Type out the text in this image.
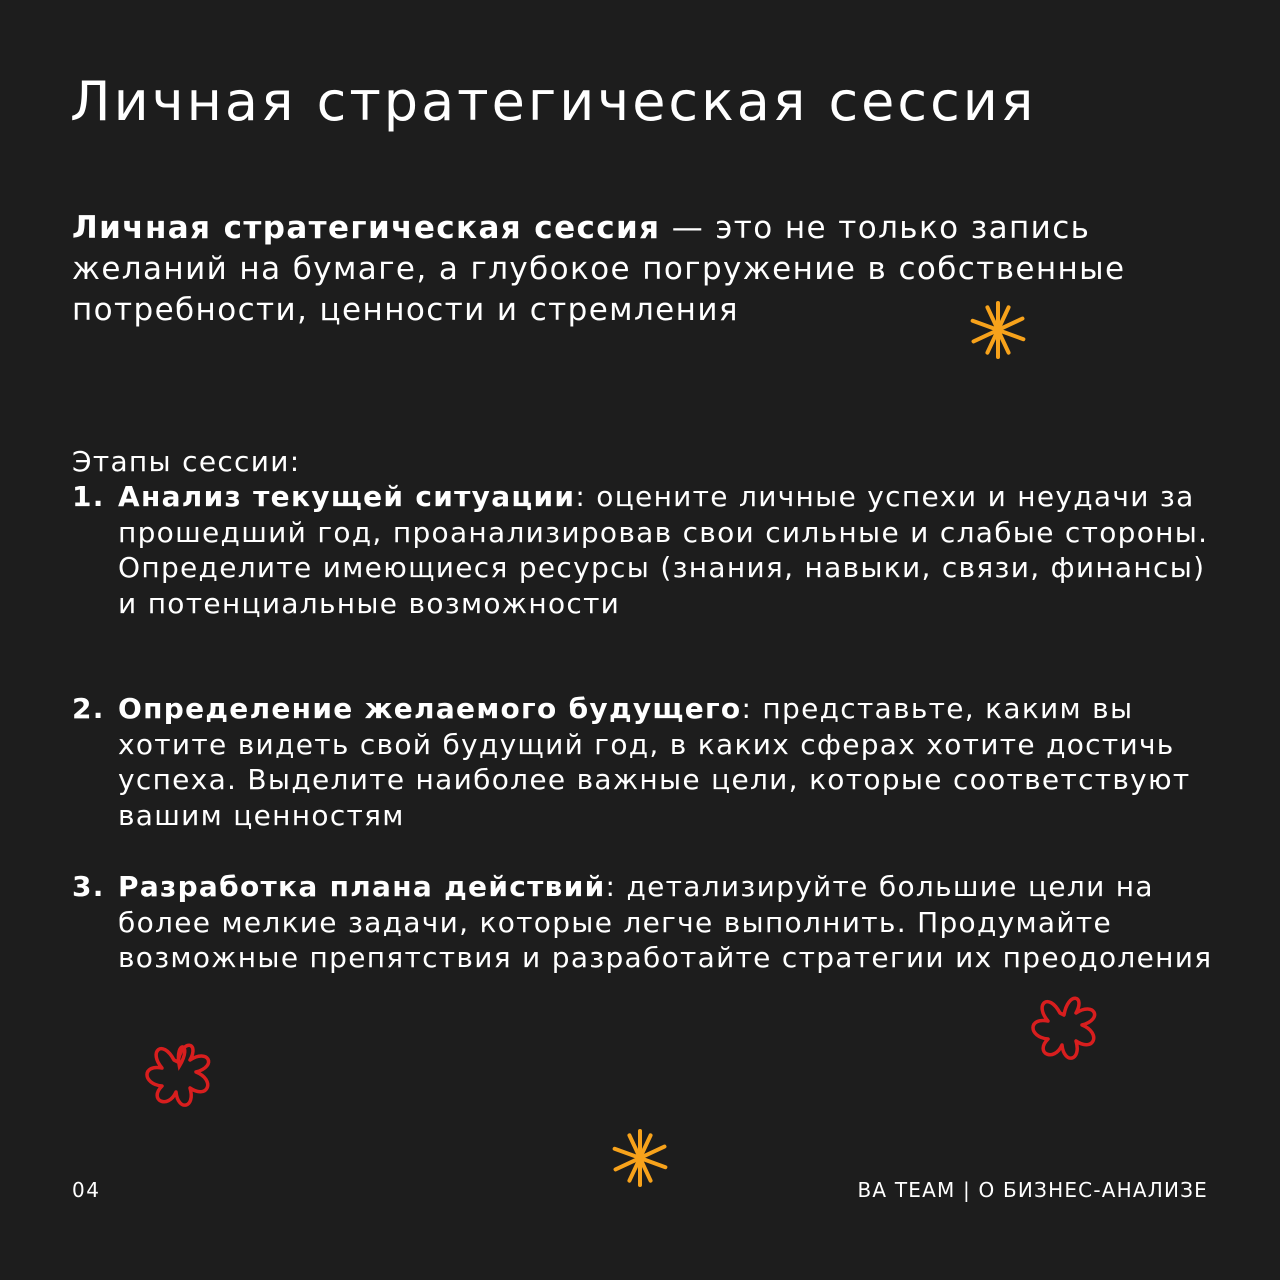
Личная стратегическая сессия

Личная стратегическая сессия — это не только запись желаний на бумаге, а глубокое погружение в собственные потребности, ценности и стремления

Этапы сессии:

1. Анализ текущей ситуации: оцените личные успехи и неудачи за прошедший год, проанализировав свои сильные и слабые стороны. Определите имеющиеся ресурсы (знания, навыки, связи, финансы) и потенциальные возможности
2. Определение желаемого будущего: представьте, каким вы хотите видеть свой будущий год, в каких сферах хотите достичь успеха. Выделите наиболее важные цели, которые соответствуют вашим ценностям
3. Разработка плана действий: детализируйте большие цели на более мелкие задачи, которые легче выполнить. Продумайте возможные препятствия и разработайте стратегии их преодоления
04	BA TEAM | О БИЗНЕС-АНАЛИЗЕ
